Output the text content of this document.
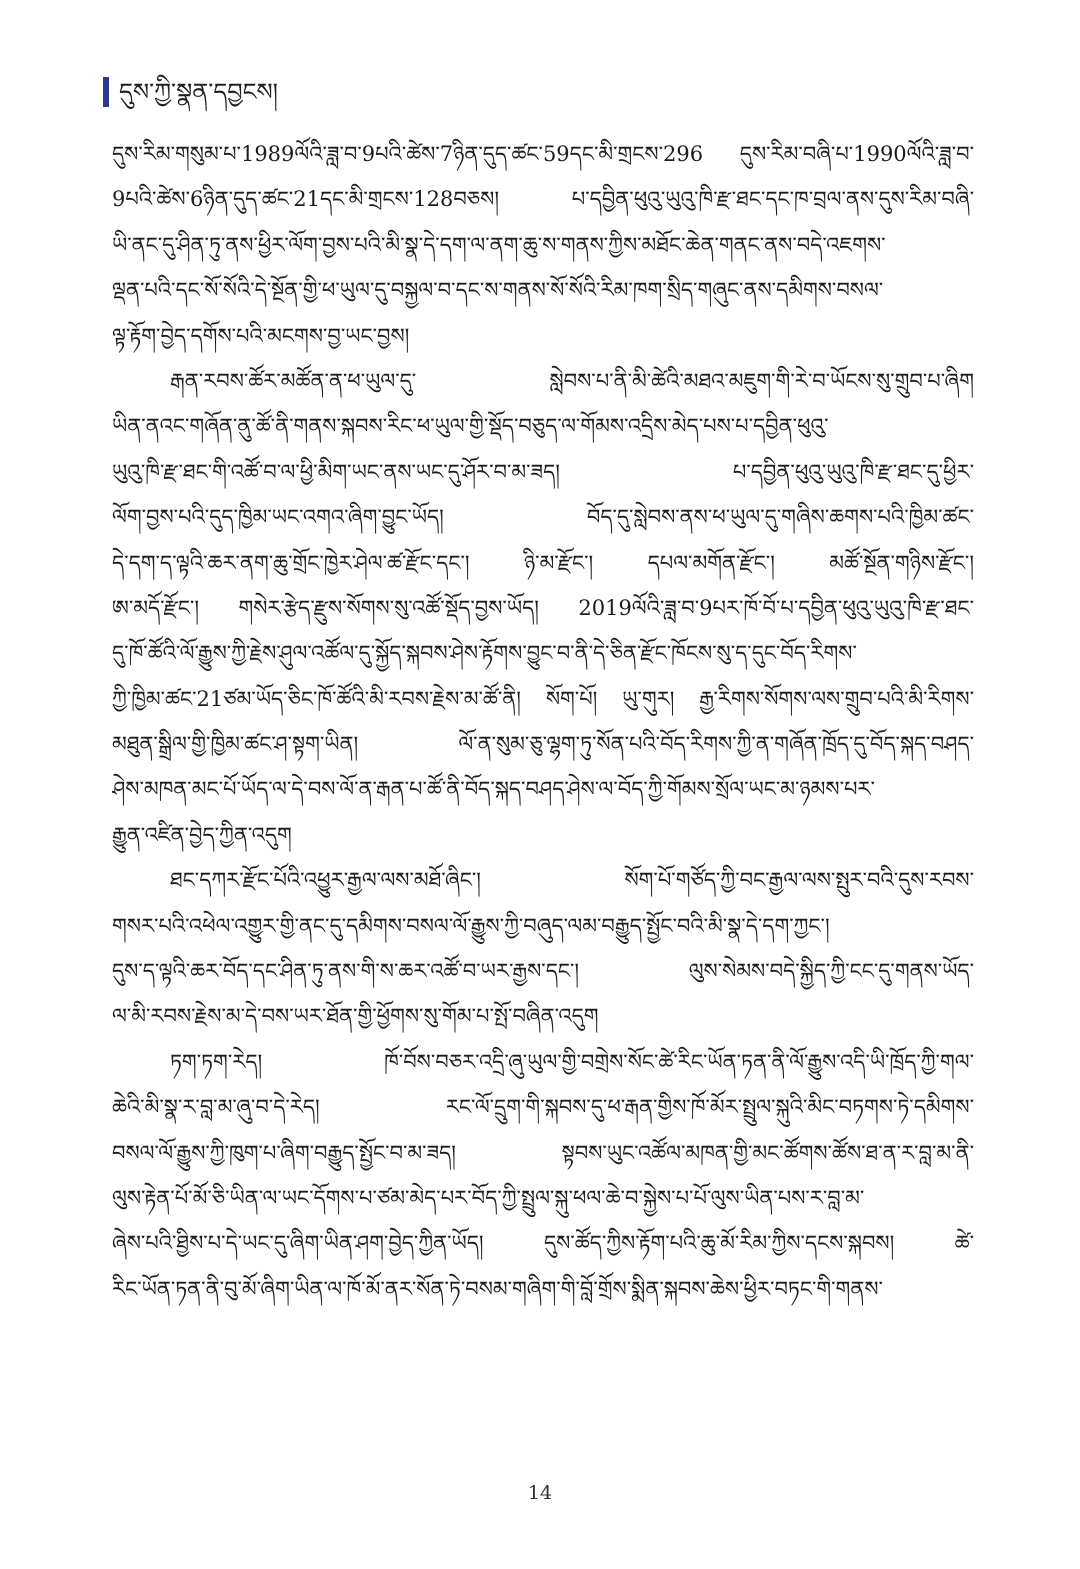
དུས་ཀྱི་སྣན་དབྱངས།
དུས་རིམ་གསུམ་པ་1989ལོའི་ཟླ་བ་9པའི་ཚེས་7ཉིན་དུད་ཚང་59དང་མི་གྲངས་296 དུས་རིམ་བཞི་པ་1990ལོའི་ཟླ་བ་
9པའི་ཚེས་6ཉིན་དུད་ཚང་21དང་མི་གྲངས་128བཅས། པ་དབྱིན་ཕུའུ་ཡུའུ་ཁི་རྫ་ཐང་དང་ཁ་བྲལ་ནས་དུས་རིམ་བཞི་
ཡི་ནང་དུ་ཤིན་ཏུ་ནས་ཕྱིར་ལོག་བྱས་པའི་མི་སྣ་དེ་དག་ལ་ནག་ཆུ་ས་གནས་ཀྱིས་མཐོང་ཆེན་གནང་ནས་བདེ་འཇགས་
ལྡན་པའི་དང་སོ་སོའི་དེ་སྔོན་གྱི་ཕ་ཡུལ་དུ་བསྐྱལ་བ་དང་ས་གནས་སོ་སོའི་རིམ་ཁག་སྲིད་གཞུང་ནས་དམིགས་བསལ་
ལྟ་རྟོག་བྱེད་དགོས་པའི་མངགས་བྱ་ཡང་བྱས།
རྒན་རབས་ཚོར་མཚོན་ན་ཕ་ཡུལ་དུ་ སླེབས་པ་ནི་མི་ཚེའི་མཐའ་མཇུག་གི་རེ་བ་ཡོངས་སུ་གྲུབ་པ་ཞིག
ཡིན་ནའང་གཞོན་ནུ་ཚོ་ནི་གནས་སྐབས་རིང་ཕ་ཡུལ་གྱི་སྡོད་བཅུད་ལ་གོམས་འདྲིས་མེད་པས་པ་དབྱིན་ཕུའུ་
ཡུའུ་ཁི་རྫ་ཐང་གི་འཚོ་བ་ལ་ཕྱི་མིག་ཡང་ནས་ཡང་དུ་ཤོར་བ་མ་ཟད། པ་དབྱིན་ཕུའུ་ཡུའུ་ཁི་རྫ་ཐང་དུ་ཕྱིར་
ལོག་བྱས་པའི་དུད་ཁྱིམ་ཡང་འགའ་ཞིག་བྱུང་ཡོད། བོད་དུ་སླེབས་ནས་ཕ་ཡུལ་དུ་གཞིས་ཆགས་པའི་ཁྱིམ་ཚང་
དེ་དག་ད་ལྟའི་ཆར་ནག་ཆུ་གྲོང་ཁྱེར་ཤེལ་ཚ་རྫོང་དང་། ཉི་མ་རྫོང་། དཔལ་མགོན་རྫོང་། མཚོ་སྔོན་གཉིས་རྫོང་།
ཨ་མདོ་རྫོང་། གསེར་རྩེད་རྫུས་སོགས་སུ་འཚོ་སྡོད་བྱས་ཡོད། 2019ལོའི་ཟླ་བ་9པར་ཁོ་བོ་པ་དབྱིན་ཕུའུ་ཡུའུ་ཁི་རྫ་ཐང་
དུ་ཁོ་ཚོའི་ལོ་རྒྱུས་ཀྱི་རྗེས་ཤུལ་འཚོལ་དུ་སྐྱོད་སྐབས་ཤེས་རྟོགས་བྱུང་བ་ནི་དེ་ཅིན་རྫོང་ཁོངས་སུ་ད་དུང་བོད་རིགས་
ཀྱི་ཁྱིམ་ཚང་21ཙམ་ཡོད་ཅིང་ཁོ་ཚོའི་མི་རབས་རྗེས་མ་ཚོ་ནི། སོག་པོ། ཡུ་གུར། རྒྱ་རིགས་སོགས་ལས་གྲུབ་པའི་མི་རིགས་
མཐུན་སྒྲིལ་གྱི་ཁྱིམ་ཚང་ཤ་སྟག་ཡིན། ལོ་ན་སུམ་ཅུ་ལྷག་ཏུ་སོན་པའི་བོད་རིགས་ཀྱི་ན་གཞོན་ཁྲོད་དུ་བོད་སྐད་བཤད་
ཤེས་མཁན་མང་པོ་ཡོད་ལ་དེ་བས་ལོ་ན་རྒན་པ་ཚོ་ནི་བོད་སྐད་བཤད་ཤེས་ལ་བོད་ཀྱི་གོམས་སྲོལ་ཡང་མ་ཉམས་པར་
རྒྱུན་འཛིན་བྱེད་ཀྱིན་འདུག
ཐང་དཀར་རྫོང་པོའི་འཕྱུར་རྒྱལ་ལས་མཐོ་ཞིང་། སོག་པོ་གཙོད་ཀྱི་བང་རྒྱལ་ལས་སྤུར་བའི་དུས་རབས་
གསར་པའི་འཕེལ་འགྱུར་གྱི་ནང་དུ་དམིགས་བསལ་ལོ་རྒྱུས་ཀྱི་བཞུད་ལམ་བརྒྱུད་སྤྱོང་བའི་མི་སྣ་དེ་དག་ཀྱང་།
དུས་ད་ལྟའི་ཆར་བོད་དང་ཤིན་ཏུ་ནས་གི་ས་ཆར་འཚོ་བ་ཡར་རྒྱས་དང་། ལུས་སེམས་བདེ་སྐྱིད་ཀྱི་ངང་དུ་གནས་ཡོད་
ལ་མི་རབས་རྗེས་མ་དེ་བས་ཡར་ཐོན་གྱི་ཕྱོགས་སུ་གོམ་པ་སྤོ་བཞིན་འདུག
ཏག་ཏག་རེད། ཁོ་བོས་བཅར་འདྲི་ཞུ་ཡུལ་གྱི་བགྲེས་སོང་ཚེ་རིང་ཡོན་ཏན་ནི་ལོ་རྒྱུས་འདི་ཡི་ཁྲོད་ཀྱི་གལ་
ཆེའི་མི་སྣ་ར་བླ་མ་ཞུ་བ་དེ་རེད། རང་ལོ་དྲུག་གི་སྐབས་དུ་ཕ་རྒན་གྱིས་ཁོ་མོར་སྤྲུལ་སྐུའི་མིང་བཏགས་ཏེ་དམིགས་
བསལ་ལོ་རྒྱུས་ཀྱི་ཁུག་པ་ཞིག་བརྒྱུད་སྤྱོང་བ་མ་ཟད། སྟབས་ཡུང་འཚོལ་མཁན་གྱི་མང་ཚོགས་ཚོས་ཐ་ན་ར་བླ་མ་ནི་
ལུས་རྟེན་པོ་མོ་ཅི་ཡིན་ལ་ཡང་དོགས་པ་ཙམ་མེད་པར་བོད་ཀྱི་སྤྲུལ་སྐུ་ཕལ་ཆེ་བ་སྐྱེས་པ་པོ་ལུས་ཡིན་པས་ར་བླ་མ་
ཞེས་པའི་ཐྱིས་པ་དེ་ཡང་དུ་ཞིག་ཡིན་ཤག་བྱེད་ཀྱིན་ཡོད། དུས་ཚོད་ཀྱིས་རྟོག་པའི་ཆུ་མོ་རིམ་ཀྱིས་དངས་སྐབས། ཚེ་
རིང་ཡོན་ཏན་ནི་བུ་མོ་ཞིག་ཡིན་ལ་ཁོ་མོ་ནར་སོན་ཏེ་བསམ་གཞིག་གི་བློ་གྲོས་སྨིན་སྐབས་ཆེས་ཕྱིར་བཏང་གི་གནས་
14
